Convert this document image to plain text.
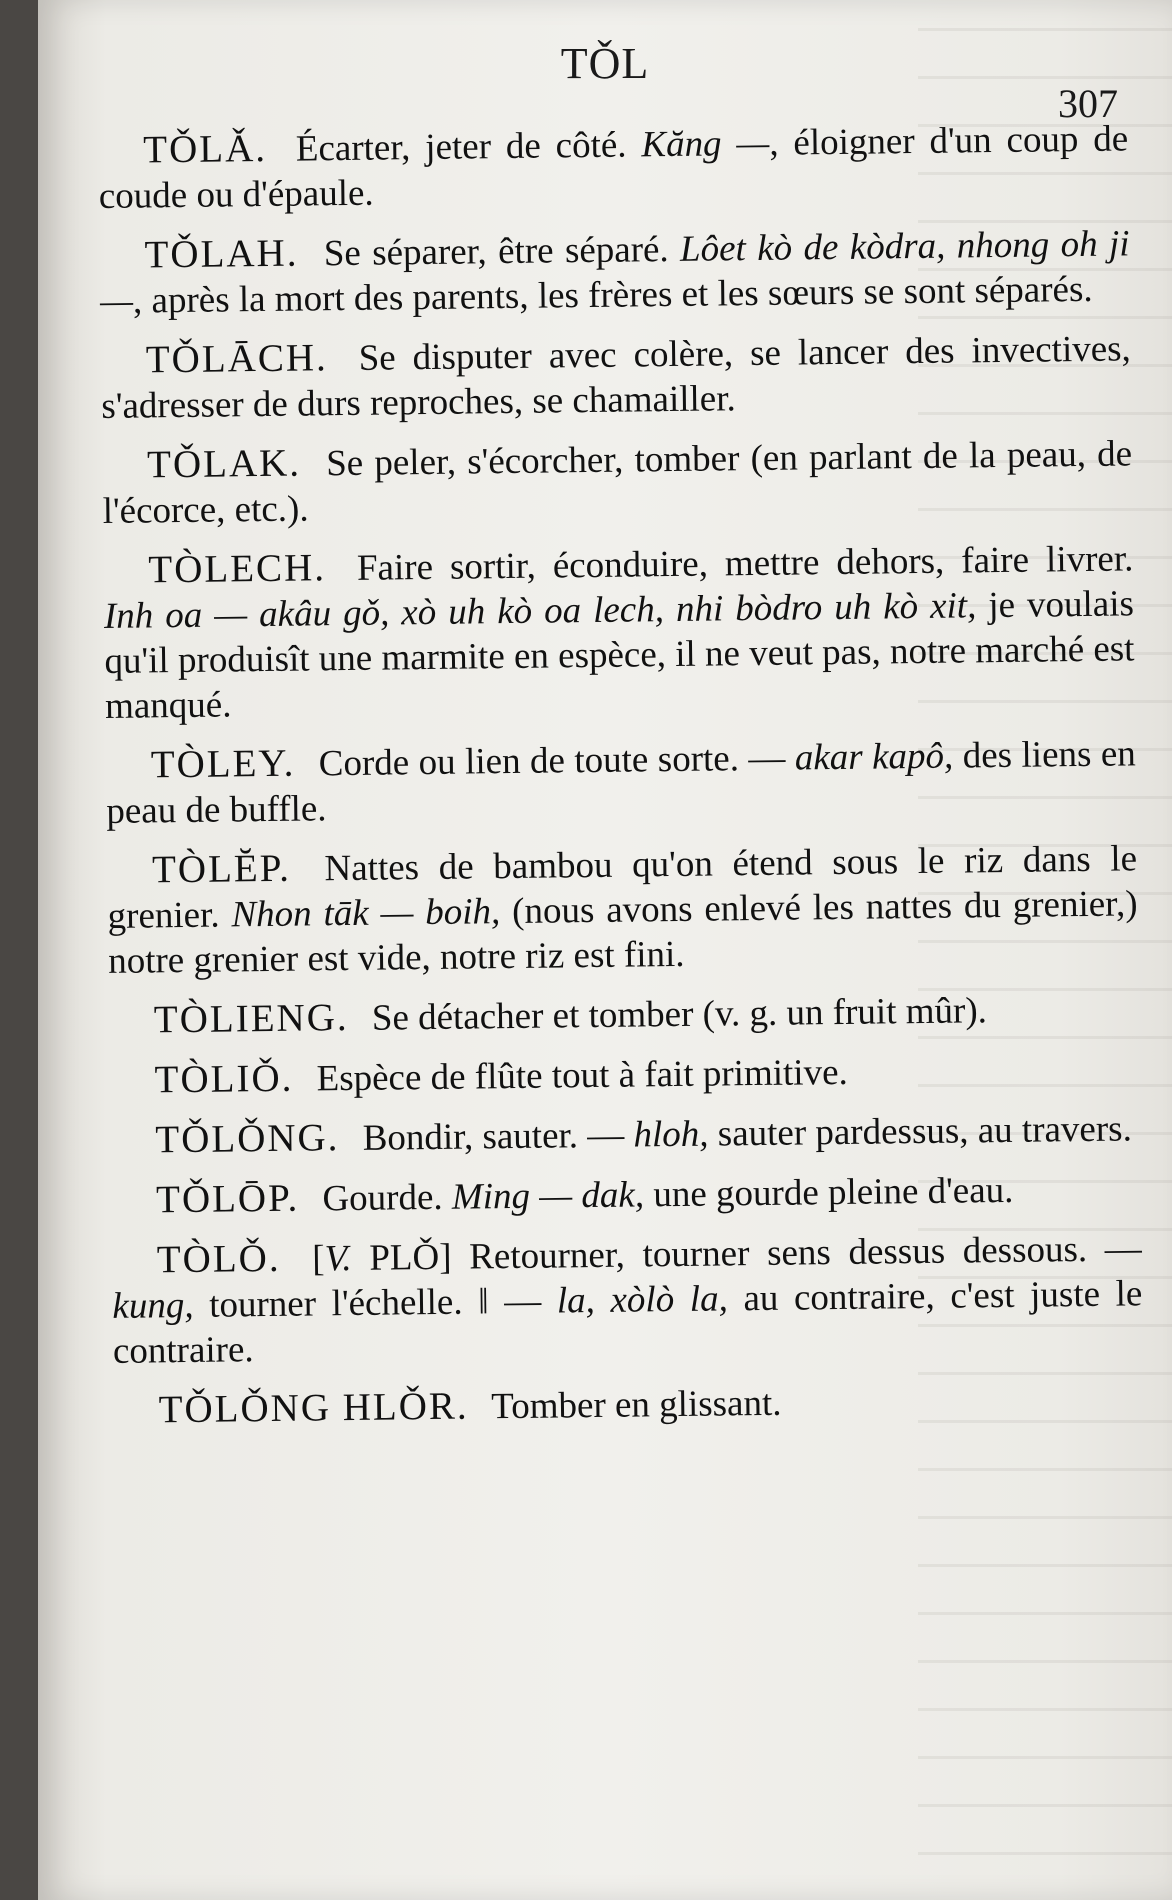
TǑL
307

TǑLǍ. Écarter, jeter de côté. Kăng —, éloigner d'un coup de coude ou d'épaule.

TǑLAH. Se séparer, être séparé. Lôet kò de kòdra, nhong oh ji —, après la mort des parents, les frères et les sœurs se sont séparés.

TǑLĀCH. Se disputer avec colère, se lancer des invectives, s'adresser de durs reproches, se chamailler.

TǑLAK. Se peler, s'écorcher, tomber (en parlant de la peau, de l'écorce, etc.).

TÒLECH. Faire sortir, éconduire, mettre dehors, faire livrer. Inh oa — akâu gǒ, xò uh kò oa lech, nhi bòdro uh kò xit, je voulais qu'il produisît une marmite en espèce, il ne veut pas, notre marché est manqué.

TÒLEY. Corde ou lien de toute sorte. — akar kapô, des liens en peau de buffle.

TÒLĔP. Nattes de bambou qu'on étend sous le riz dans le grenier. Nhon tāk — boih, (nous avons enlevé les nattes du grenier,) notre grenier est vide, notre riz est fini.

TÒLIENG. Se détacher et tomber (v. g. un fruit mûr).

TÒLIǑ. Espèce de flûte tout à fait primitive.

TǑLǑNG. Bondir, sauter. — hloh, sauter pardessus, au travers.

TǑLŌP. Gourde. Ming — dak, une gourde pleine d'eau.

TÒLǑ. [V. PLǑ] Retourner, tourner sens dessus dessous. — kung, tourner l'échelle. ‖ — la, xòlò la, au contraire, c'est juste le contraire.

TǑLǑNG HLǑR. Tomber en glissant.
